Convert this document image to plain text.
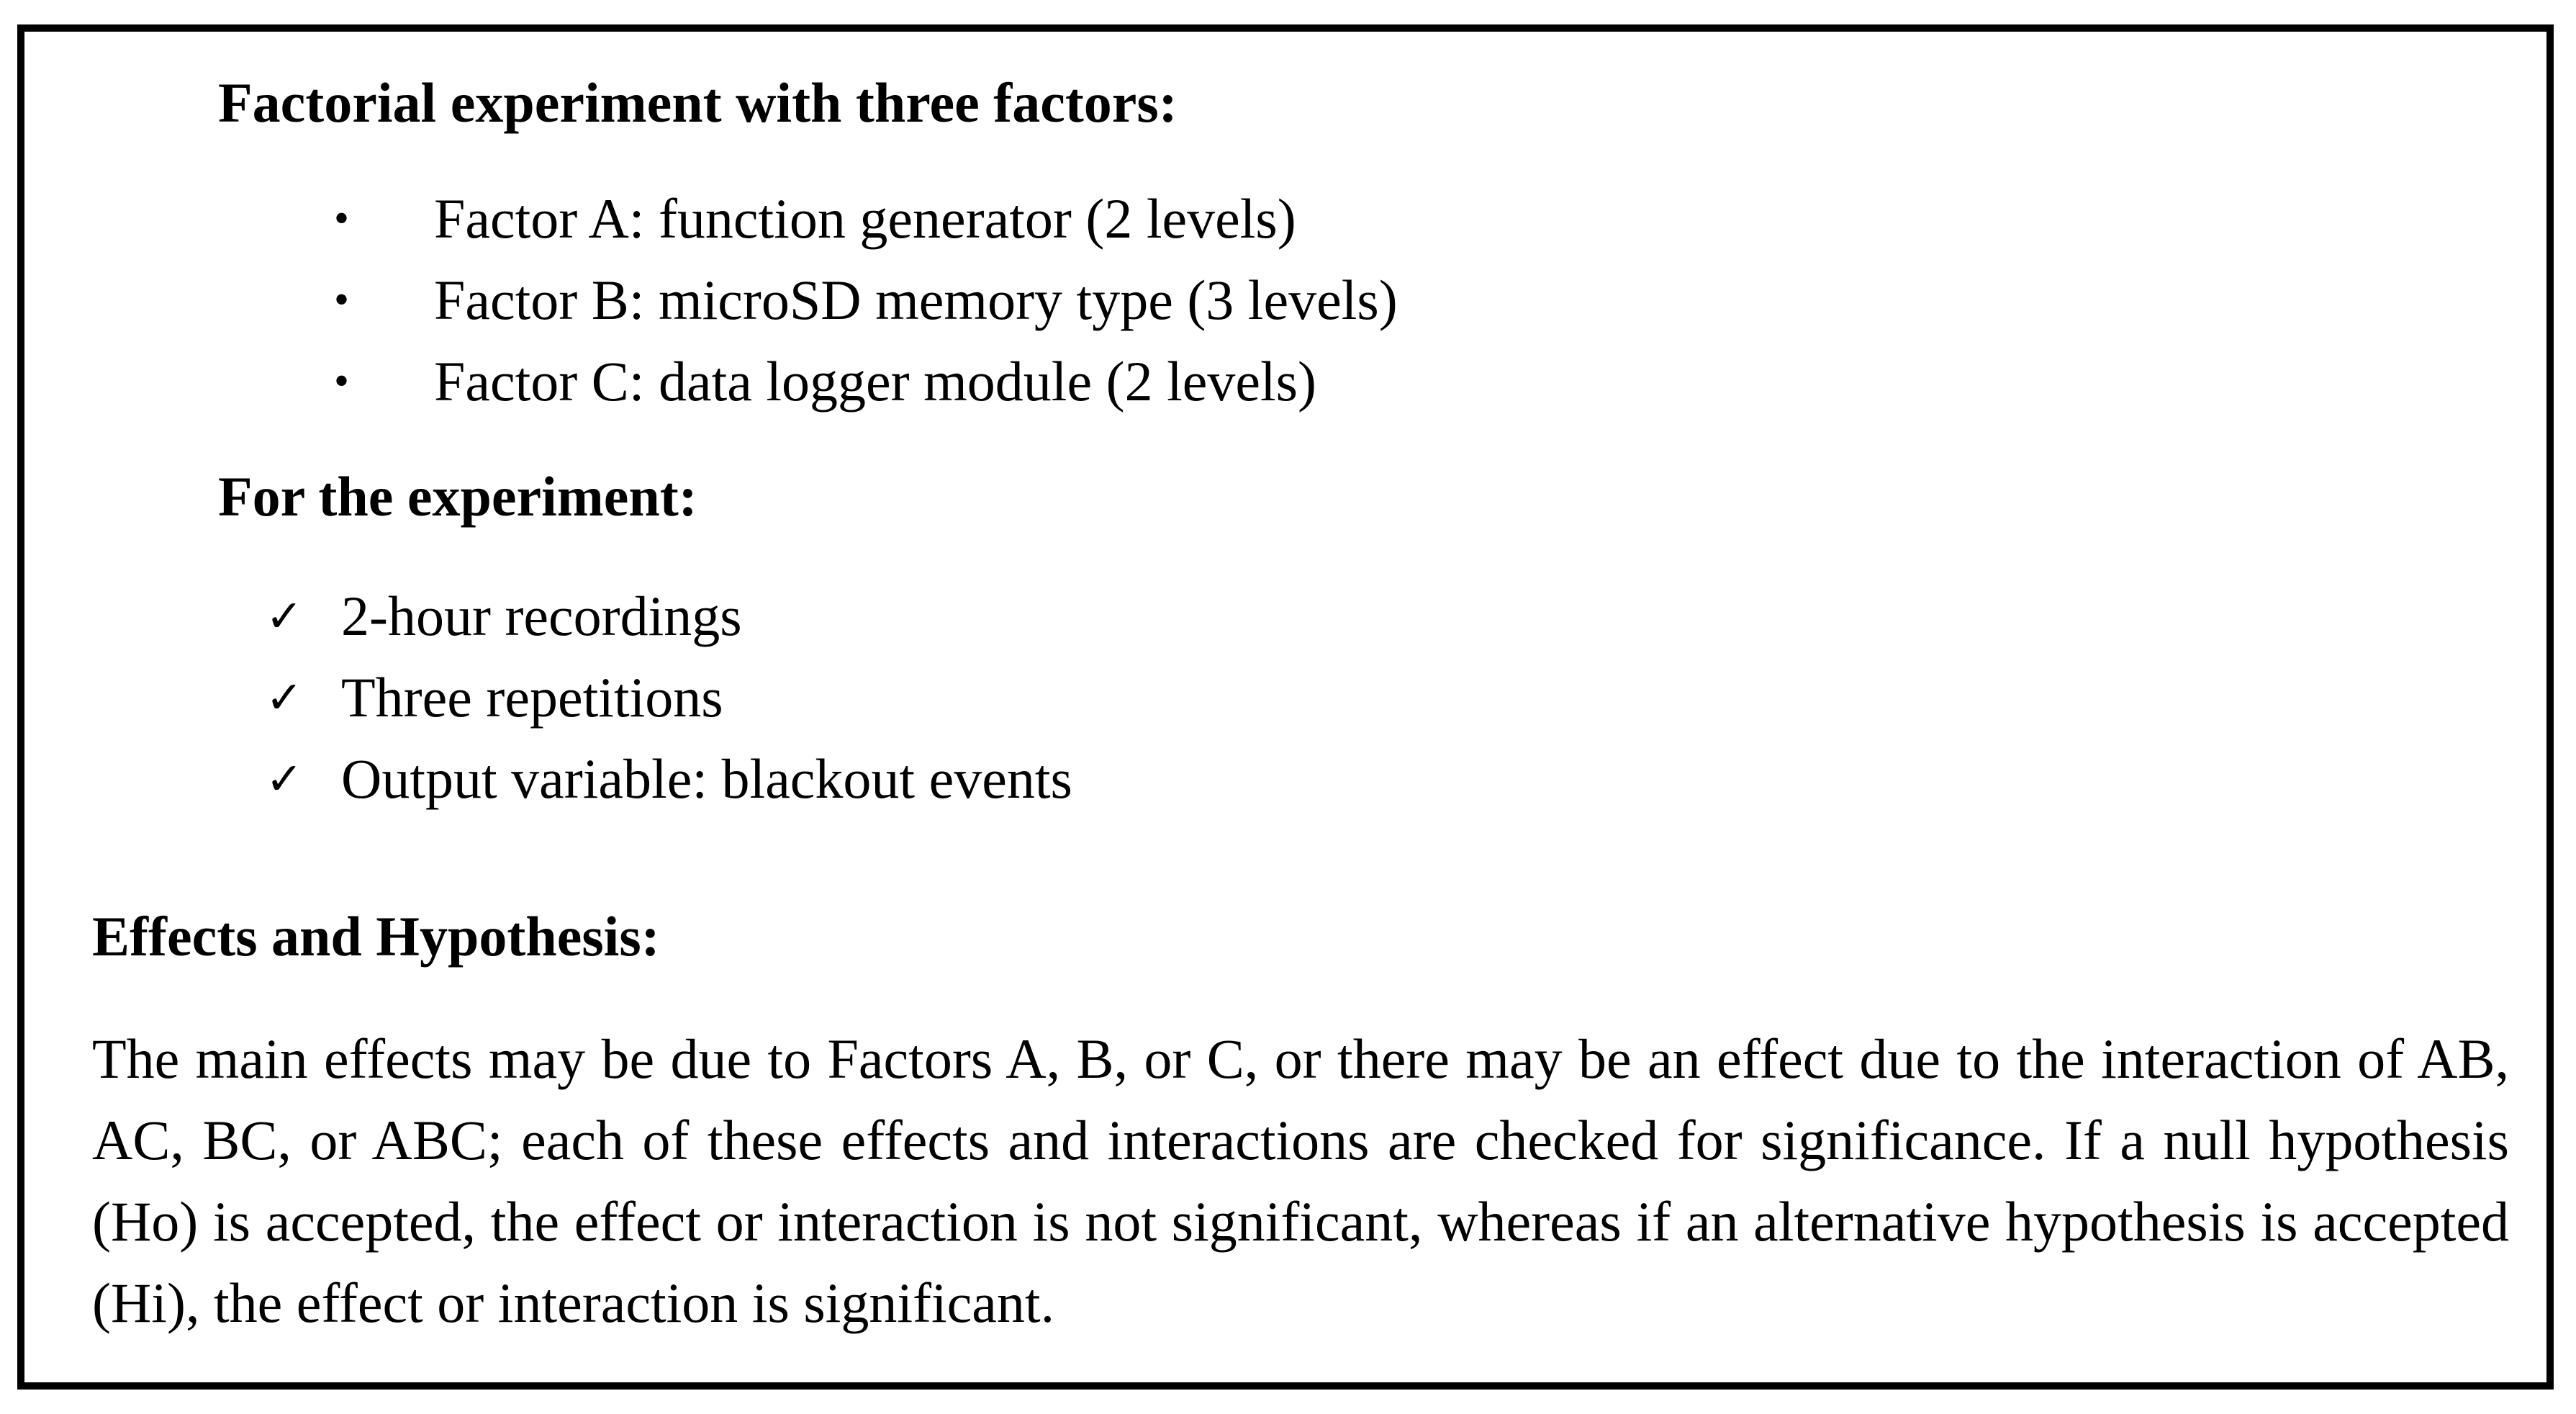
Factorial experiment with three factors:
• Factor A: function generator (2 levels)
• Factor B: microSD memory type (3 levels)
• Factor C: data logger module (2 levels)
For the experiment:
✓ 2-hour recordings
✓ Three repetitions
✓ Output variable: blackout events
Effects and Hypothesis:

The main effects may be due to Factors A, B, or C, or there may be an effect due to the interaction of AB, AC, BC, or ABC; each of these effects and interactions are checked for significance. If a null hypothesis (Ho) is accepted, the effect or interaction is not significant, whereas if an alternative hypothesis is accepted (Hi), the effect or interaction is significant.
